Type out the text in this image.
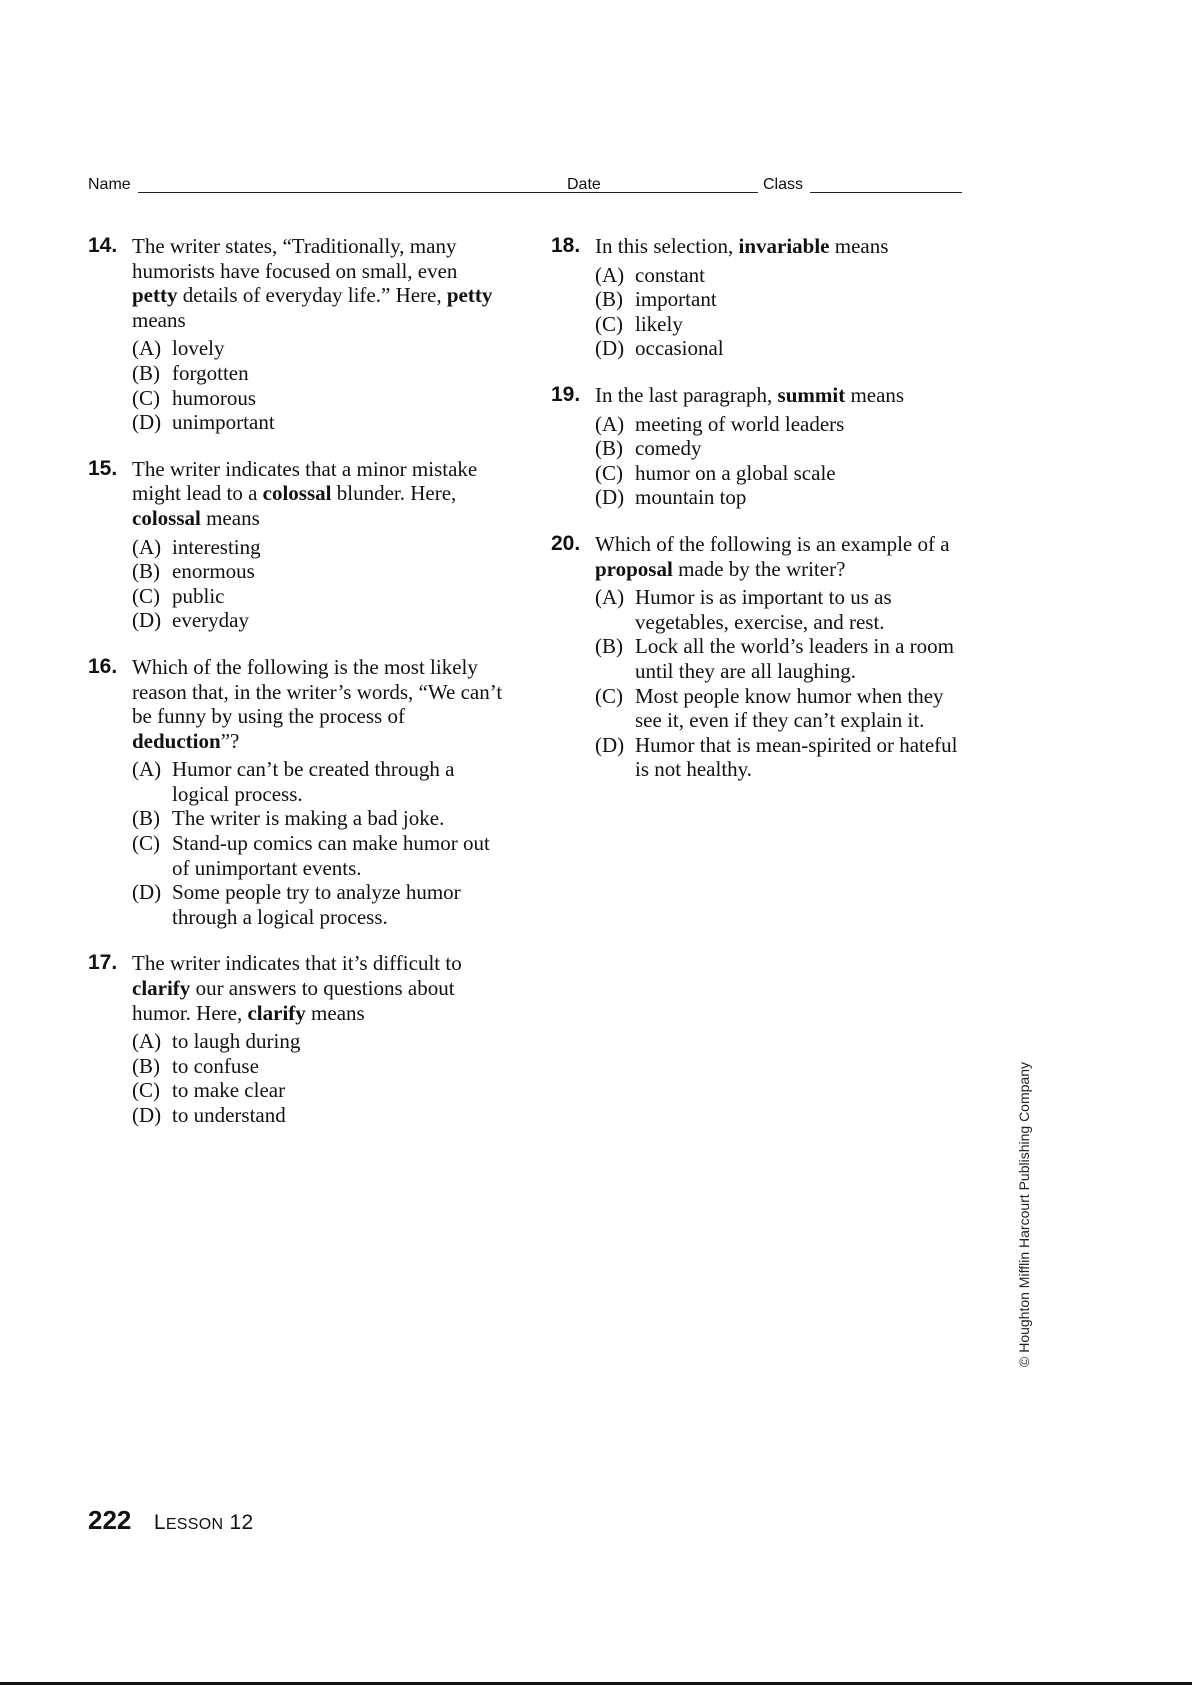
Name	Date	Class
14. The writer states, “Traditionally, many humorists have focused on small, even petty details of everyday life.” Here, petty means
(A) lovely
(B) forgotten
(C) humorous
(D) unimportant
15. The writer indicates that a minor mistake might lead to a colossal blunder. Here, colossal means
(A) interesting
(B) enormous
(C) public
(D) everyday
16. Which of the following is the most likely reason that, in the writer’s words, “We can’t be funny by using the process of deduction”?
(A) Humor can’t be created through a logical process.
(B) The writer is making a bad joke.
(C) Stand-up comics can make humor out of unimportant events.
(D) Some people try to analyze humor through a logical process.
17. The writer indicates that it’s difficult to clarify our answers to questions about humor. Here, clarify means
(A) to laugh during
(B) to confuse
(C) to make clear
(D) to understand
18. In this selection, invariable means
(A) constant
(B) important
(C) likely
(D) occasional
19. In the last paragraph, summit means
(A) meeting of world leaders
(B) comedy
(C) humor on a global scale
(D) mountain top
20. Which of the following is an example of a proposal made by the writer?
(A) Humor is as important to us as vegetables, exercise, and rest.
(B) Lock all the world’s leaders in a room until they are all laughing.
(C) Most people know humor when they see it, even if they can’t explain it.
(D) Humor that is mean-spirited or hateful is not healthy.
222 LESSON 12
© Houghton Mifflin Harcourt Publishing Company
